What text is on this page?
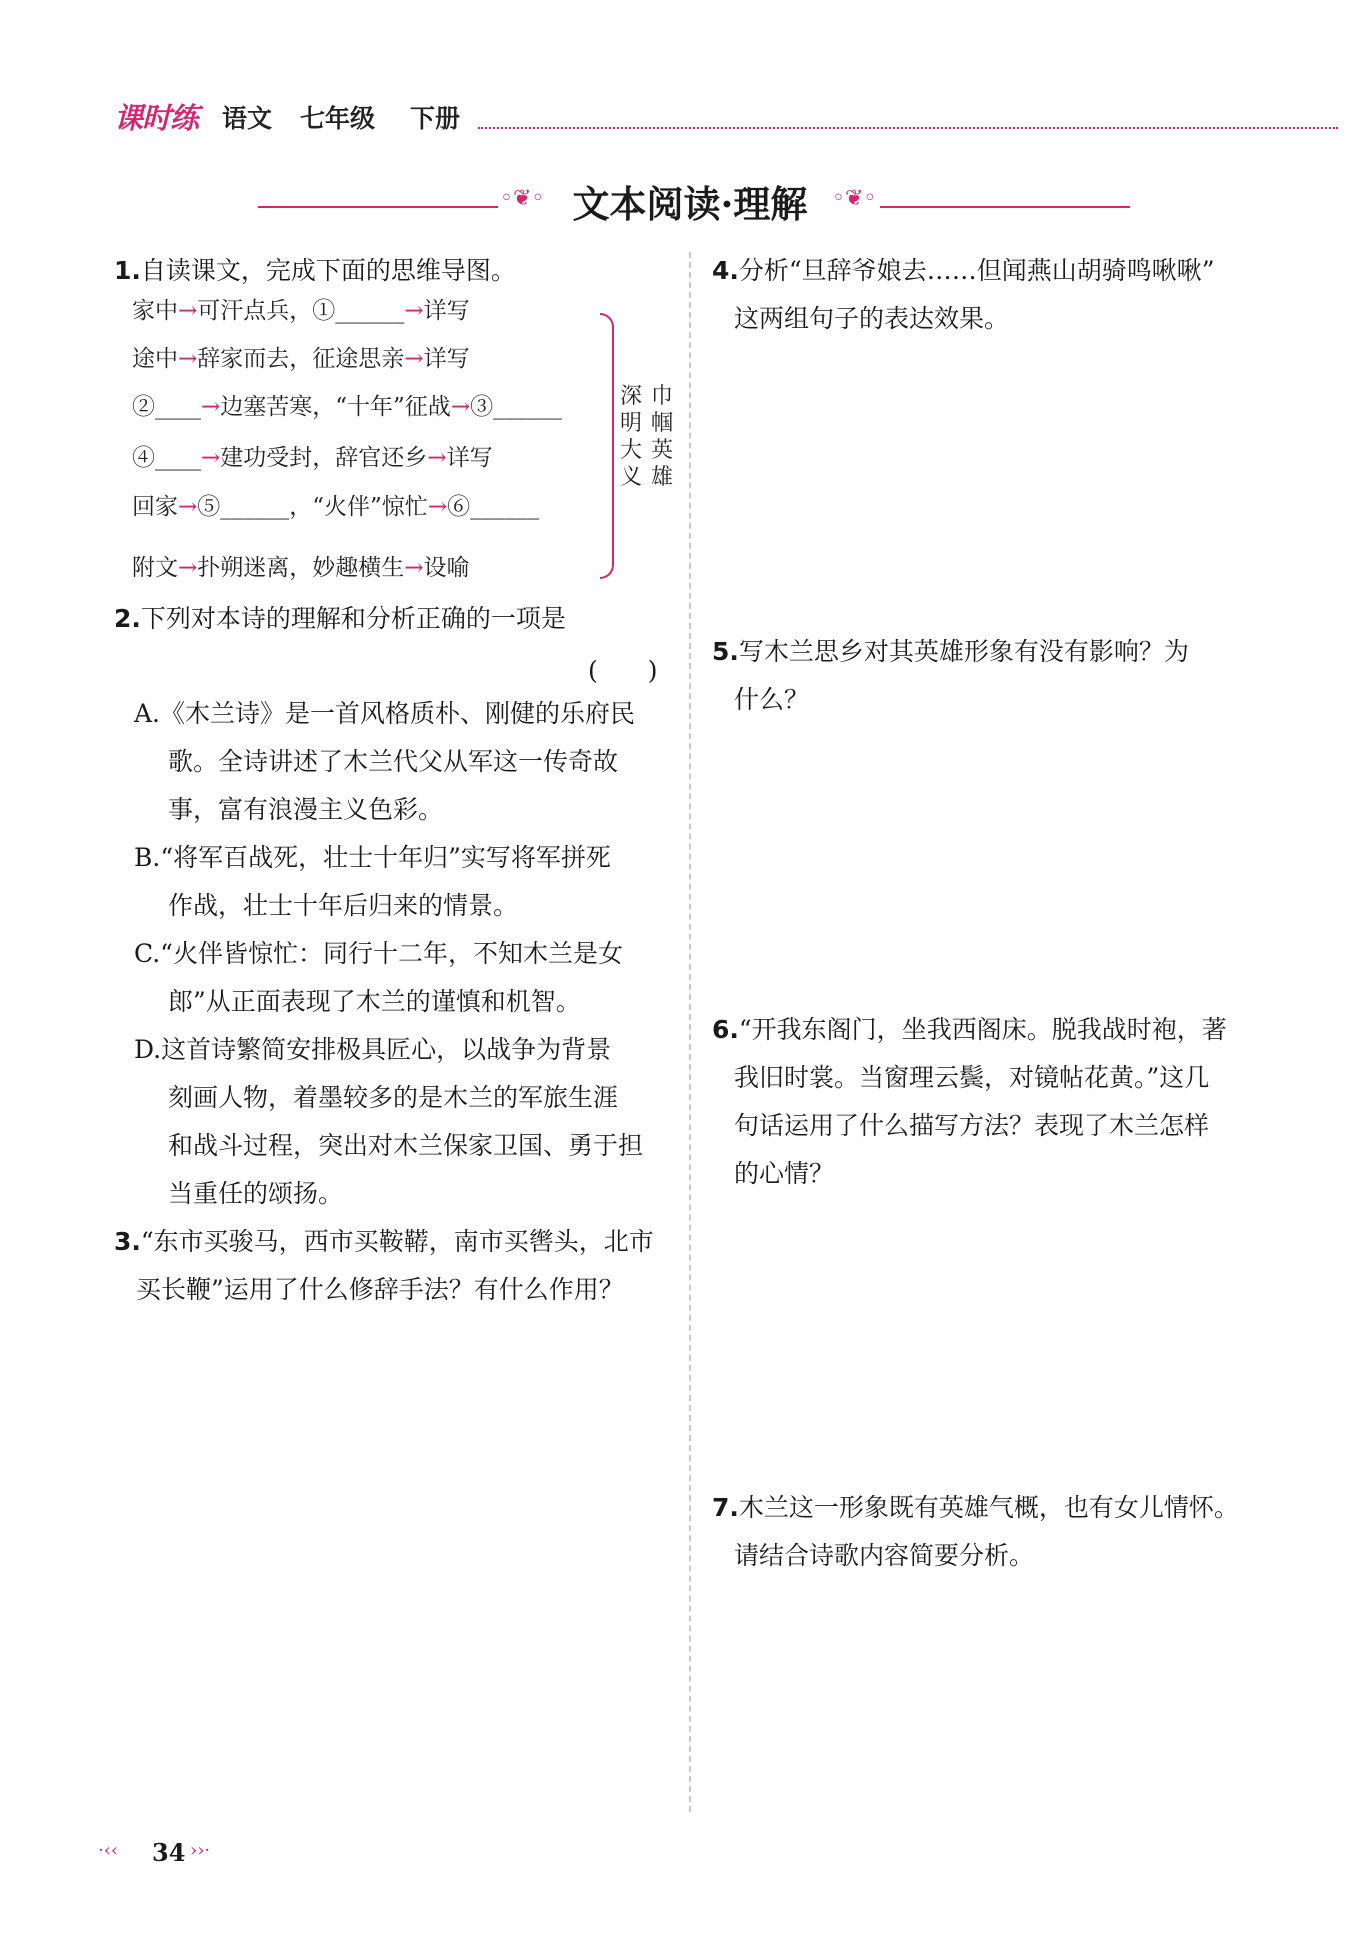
课时练 语文 七年级 下册
◦❦◦ 文本阅读·理解	◦❦◦
1.自读课文，完成下面的思维导图。
家中→可汗点兵，①______→详写
途中→辞家而去，征途思亲→详写
②____→边塞苦寒，“十年”征战→③______
④____→建功受封，辞官还乡→详写
回家→⑤______，“火伴”惊忙→⑥______
附文→扑朔迷离，妙趣横生→设喻
深
明
大
义
巾
帼
英
雄
2.下列对本诗的理解和分析正确的一项是
(　　)
A.《木兰诗》是一首风格质朴、刚健的乐府民
歌。全诗讲述了木兰代父从军这一传奇故
事，富有浪漫主义色彩。
B.“将军百战死，壮士十年归”实写将军拼死
作战，壮士十年后归来的情景。
C.“火伴皆惊忙：同行十二年，不知木兰是女
郎”从正面表现了木兰的谨慎和机智。
D.这首诗繁简安排极具匠心，以战争为背景
刻画人物，着墨较多的是木兰的军旅生涯
和战斗过程，突出对木兰保家卫国、勇于担
当重任的颂扬。
3.“东市买骏马，西市买鞍鞯，南市买辔头，北市
买长鞭”运用了什么修辞手法？有什么作用？
4.分析“旦辞爷娘去……但闻燕山胡骑鸣啾啾”
这两组句子的表达效果。
5.写木兰思乡对其英雄形象有没有影响？为
什么？
6.“开我东阁门，坐我西阁床。脱我战时袍，著
我旧时裳。当窗理云鬓，对镜帖花黄。”这几
句话运用了什么描写方法？表现了木兰怎样
的心情？
7.木兰这一形象既有英雄气概，也有女儿情怀。
请结合诗歌内容简要分析。
·‹‹ 34 ››·
